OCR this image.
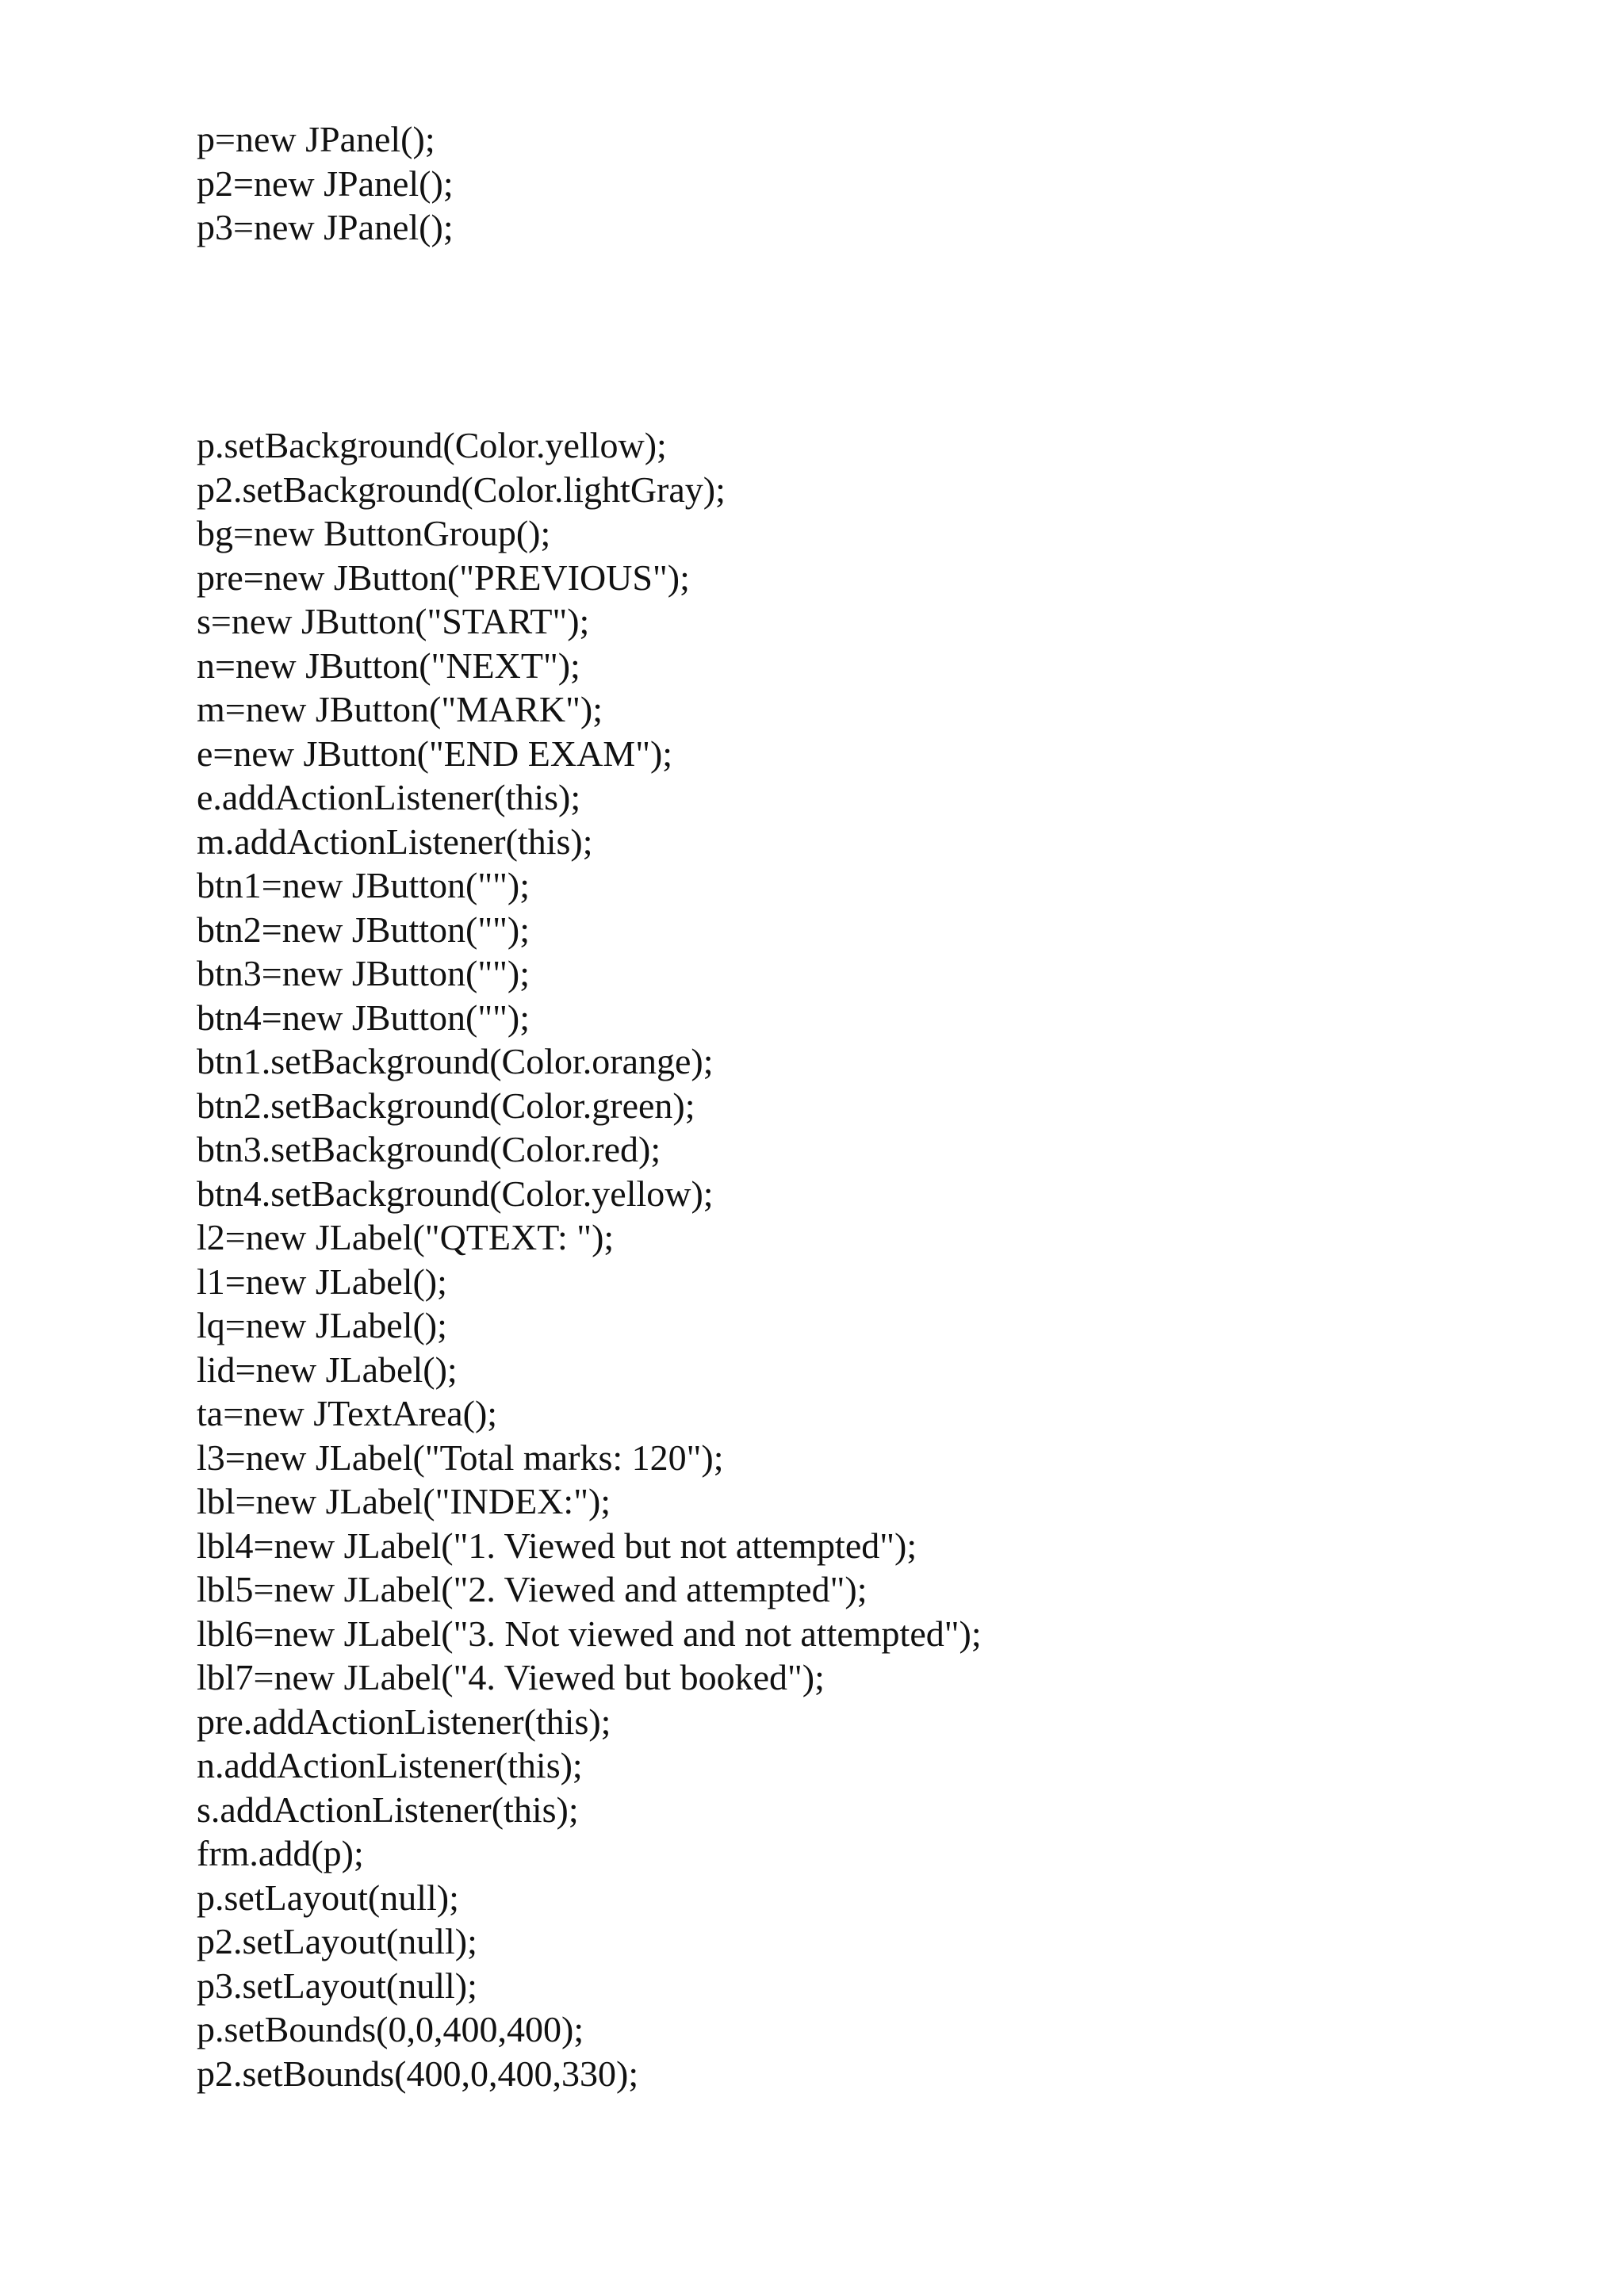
p=new JPanel();
p2=new JPanel();
p3=new JPanel();
p.setBackground(Color.yellow);
p2.setBackground(Color.lightGray);
bg=new ButtonGroup();
pre=new JButton("PREVIOUS");
s=new JButton("START");
n=new JButton("NEXT");
m=new JButton("MARK");
e=new JButton("END EXAM");
e.addActionListener(this);
m.addActionListener(this);
btn1=new JButton("");
btn2=new JButton("");
btn3=new JButton("");
btn4=new JButton("");
btn1.setBackground(Color.orange);
btn2.setBackground(Color.green);
btn3.setBackground(Color.red);
btn4.setBackground(Color.yellow);
l2=new JLabel("QTEXT: ");
l1=new JLabel();
lq=new JLabel();
lid=new JLabel();
ta=new JTextArea();
l3=new JLabel("Total marks: 120");
lbl=new JLabel("INDEX:");
lbl4=new JLabel("1. Viewed but not attempted");
lbl5=new JLabel("2. Viewed and attempted");
lbl6=new JLabel("3. Not viewed and not attempted");
lbl7=new JLabel("4. Viewed but booked");
pre.addActionListener(this);
n.addActionListener(this);
s.addActionListener(this);
frm.add(p);
p.setLayout(null);
p2.setLayout(null);
p3.setLayout(null);
p.setBounds(0,0,400,400);
p2.setBounds(400,0,400,330);
